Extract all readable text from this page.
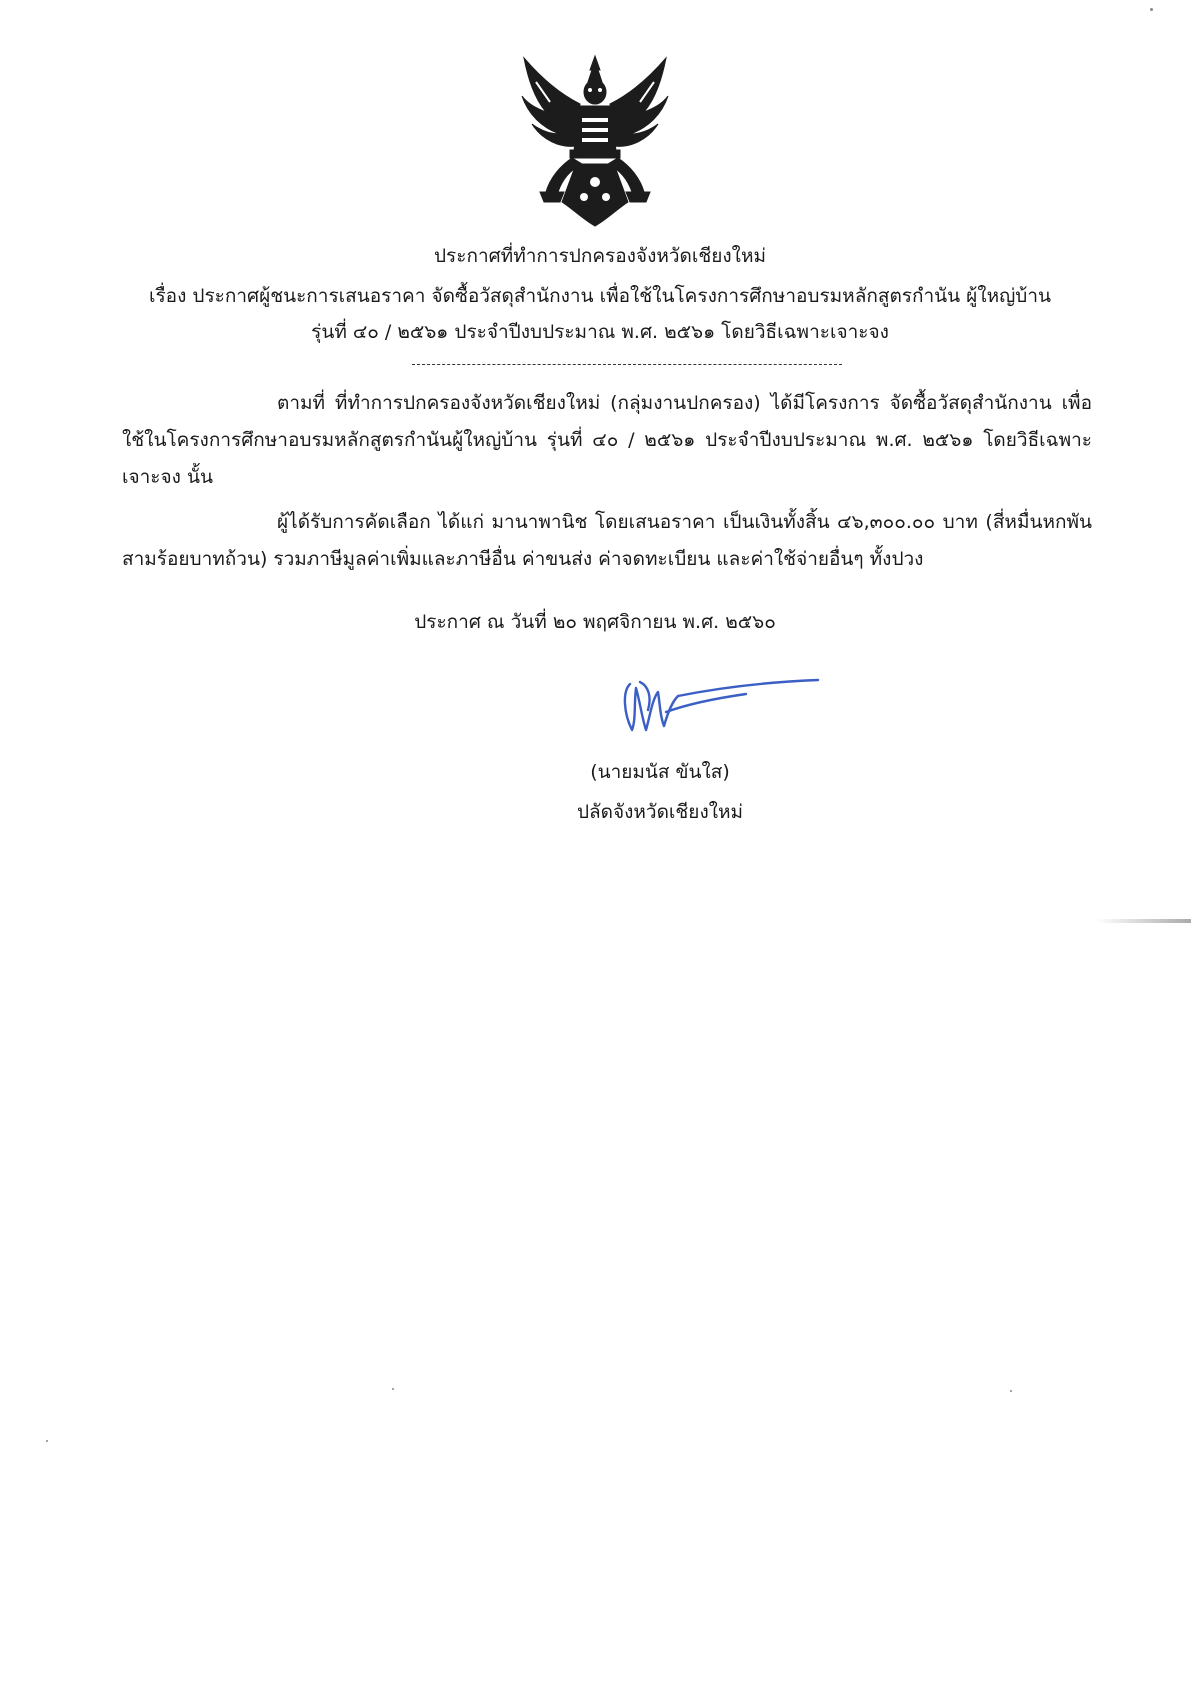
ประกาศที่ทำการปกครองจังหวัดเชียงใหม่
เรื่อง ประกาศผู้ชนะการเสนอราคา จัดซื้อวัสดุสำนักงาน เพื่อใช้ในโครงการศึกษาอบรมหลักสูตรกำนัน ผู้ใหญ่บ้าน
รุ่นที่ ๔๐ / ๒๕๖๑ ประจำปีงบประมาณ พ.ศ. ๒๕๖๑ โดยวิธีเฉพาะเจาะจง
ตามที่ ที่ทำการปกครองจังหวัดเชียงใหม่ (กลุ่มงานปกครอง) ได้มีโครงการ จัดซื้อวัสดุสำนักงาน เพื่อใช้ในโครงการศึกษาอบรมหลักสูตรกำนันผู้ใหญ่บ้าน รุ่นที่ ๔๐ / ๒๕๖๑ ประจำปีงบประมาณ พ.ศ. ๒๕๖๑ โดยวิธีเฉพาะเจาะจง นั้น
ผู้ได้รับการคัดเลือก ได้แก่ มานาพานิช โดยเสนอราคา เป็นเงินทั้งสิ้น ๔๖,๓๐๐.๐๐ บาท (สี่หมื่นหกพันสามร้อยบาทถ้วน) รวมภาษีมูลค่าเพิ่มและภาษีอื่น ค่าขนส่ง ค่าจดทะเบียน และค่าใช้จ่ายอื่นๆ ทั้งปวง
ประกาศ ณ วันที่ ๒๐ พฤศจิกายน พ.ศ. ๒๕๖๐
(นายมนัส ขันใส)
ปลัดจังหวัดเชียงใหม่
